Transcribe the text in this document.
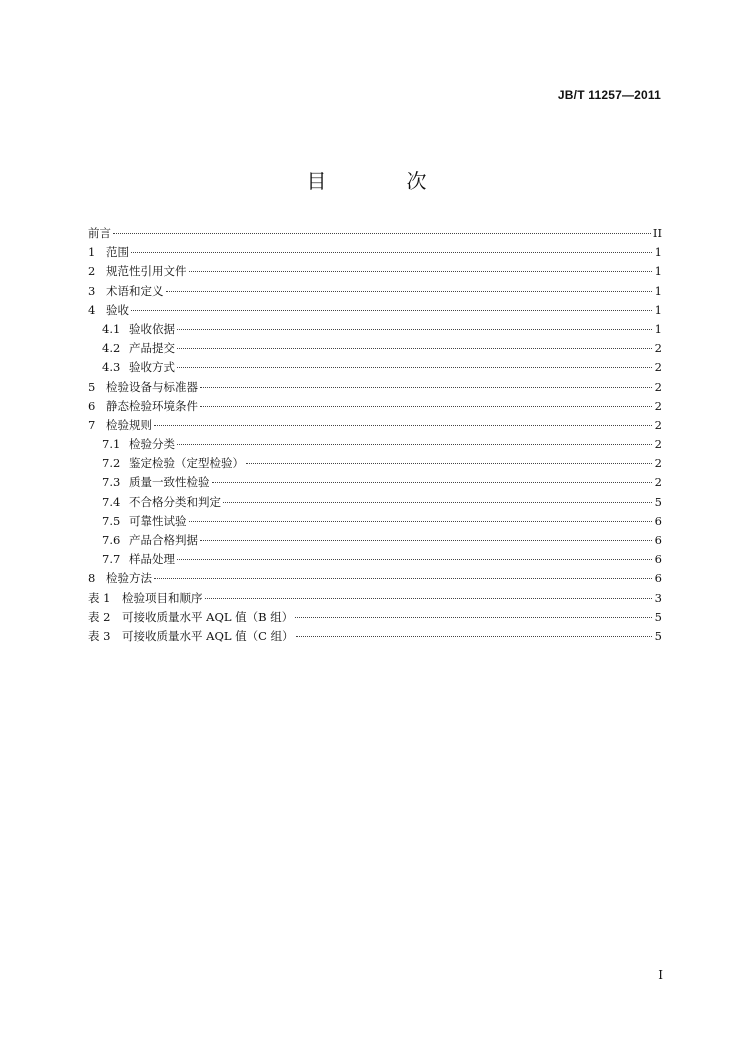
JB/T 11257—2011
目　次
前言	II
1 范围	1
2 规范性引用文件	1
3 术语和定义	1
4 验收	1
4.1 验收依据	1
4.2 产品提交	2
4.3 验收方式	2
5 检验设备与标准器	2
6 静态检验环境条件	2
7 检验规则	2
7.1 检验分类	2
7.2 鉴定检验（定型检验）	2
7.3 质量一致性检验	2
7.4 不合格分类和判定	5
7.5 可靠性试验	6
7.6 产品合格判据	6
7.7 样品处理	6
8 检验方法	6
表 1	检验项目和顺序	3
表 2	可接收质量水平 AQL 值（B 组）	5
表 3	可接收质量水平 AQL 值（C 组）	5
I
